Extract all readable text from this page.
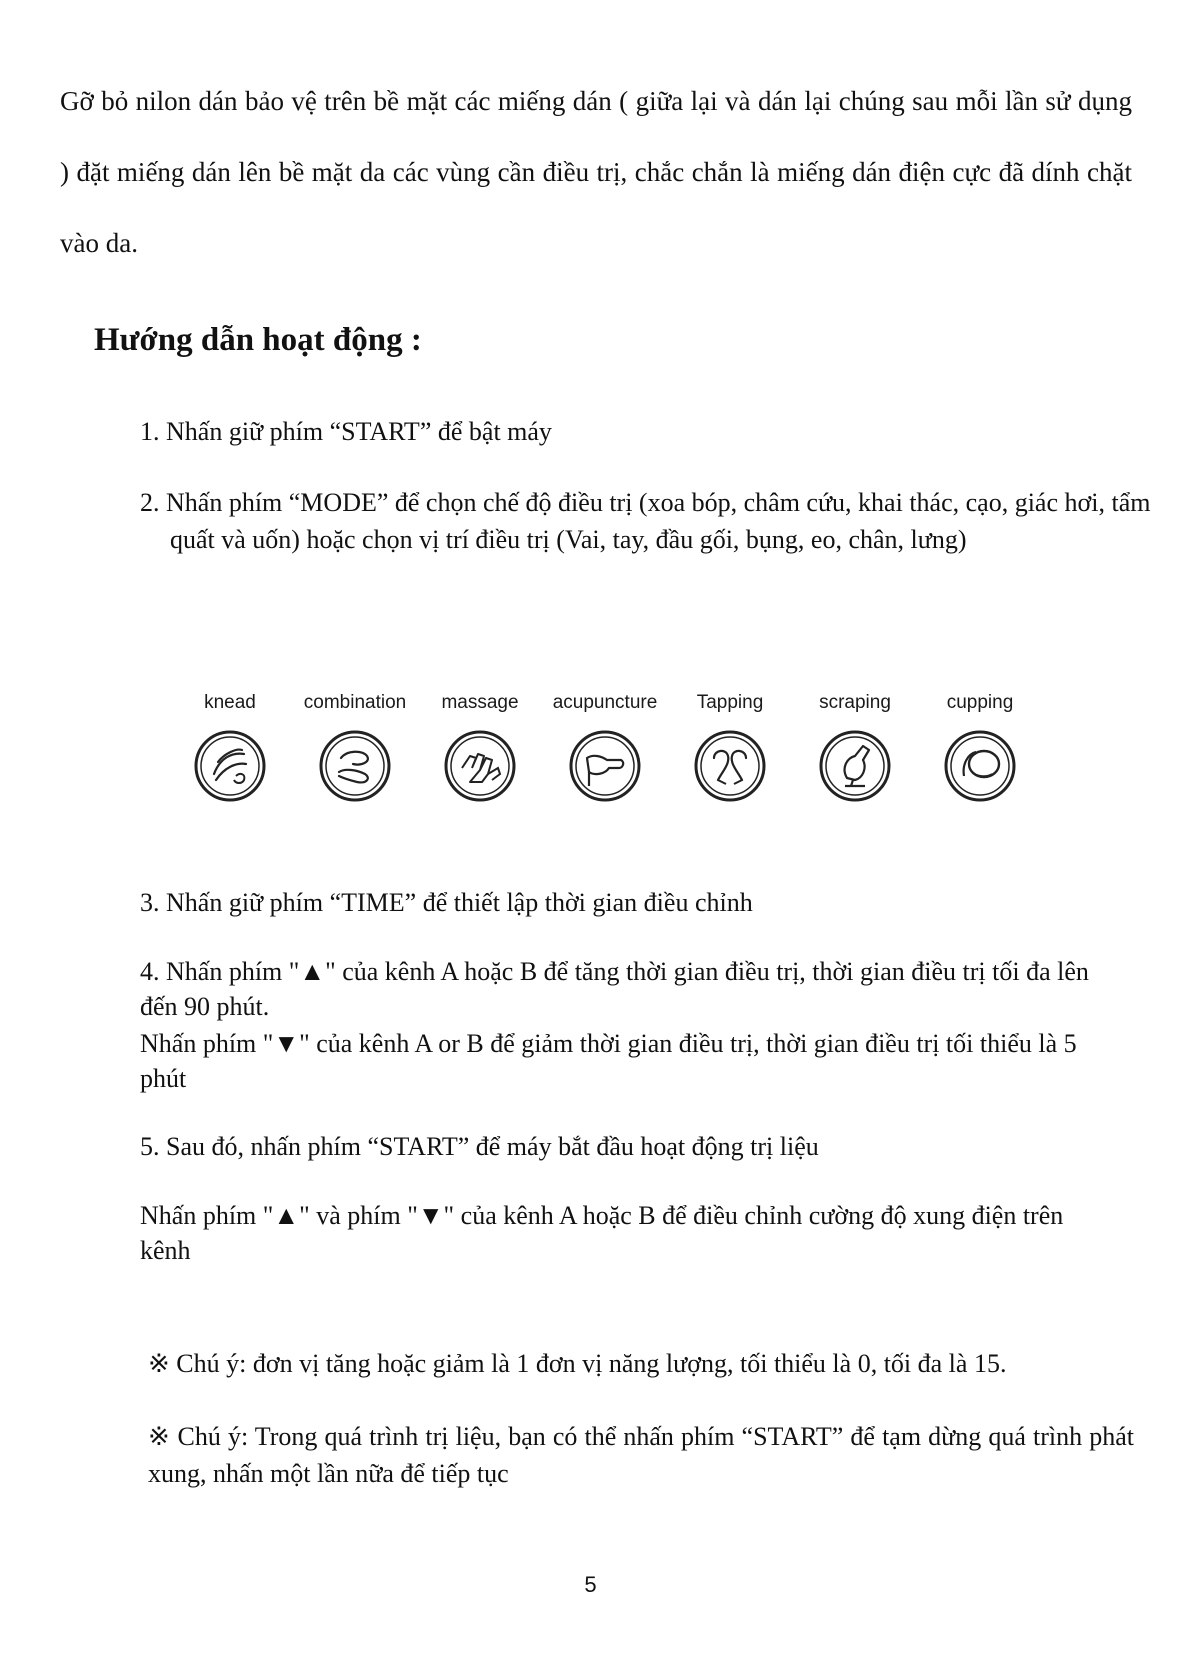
Gỡ bỏ nilon dán bảo vệ trên bề mặt các miếng dán ( giữa lại và dán lại chúng sau mỗi lần sử dụng ) đặt miếng dán lên bề mặt da các vùng cần điều trị, chắc chắn là miếng dán điện cực đã dính chặt vào da.

Hướng dẫn hoạt động :

1. Nhấn giữ phím “START” để bật máy

2. Nhấn phím “MODE” để chọn chế độ điều trị (xoa bóp, châm cứu, khai thác, cạo, giác hơi, tẩm quất và uốn) hoặc chọn vị trí điều trị (Vai, tay, đầu gối, bụng, eo, chân, lưng)

knead	combination	massage	acupuncture	Tapping	scraping	cupping

3. Nhấn giữ phím “TIME” để thiết lập thời gian điều chỉnh

4. Nhấn phím "▲" của kênh A hoặc B để tăng thời gian điều trị, thời gian điều trị tối đa lên đến 90 phút.

Nhấn phím "▼" của kênh A or B để giảm thời gian điều trị, thời gian điều trị tối thiểu là 5 phút

5. Sau đó, nhấn phím “START” để máy bắt đầu hoạt động trị liệu

Nhấn phím "▲" và phím "▼" của kênh A hoặc B để điều chỉnh cường độ xung điện trên kênh

※ Chú ý: đơn vị tăng hoặc giảm là 1 đơn vị năng lượng, tối thiểu là 0, tối đa là 15.

※ Chú ý: Trong quá trình trị liệu, bạn có thể nhấn phím “START” để tạm dừng quá trình phát xung, nhấn một lần nữa để tiếp tục

5
